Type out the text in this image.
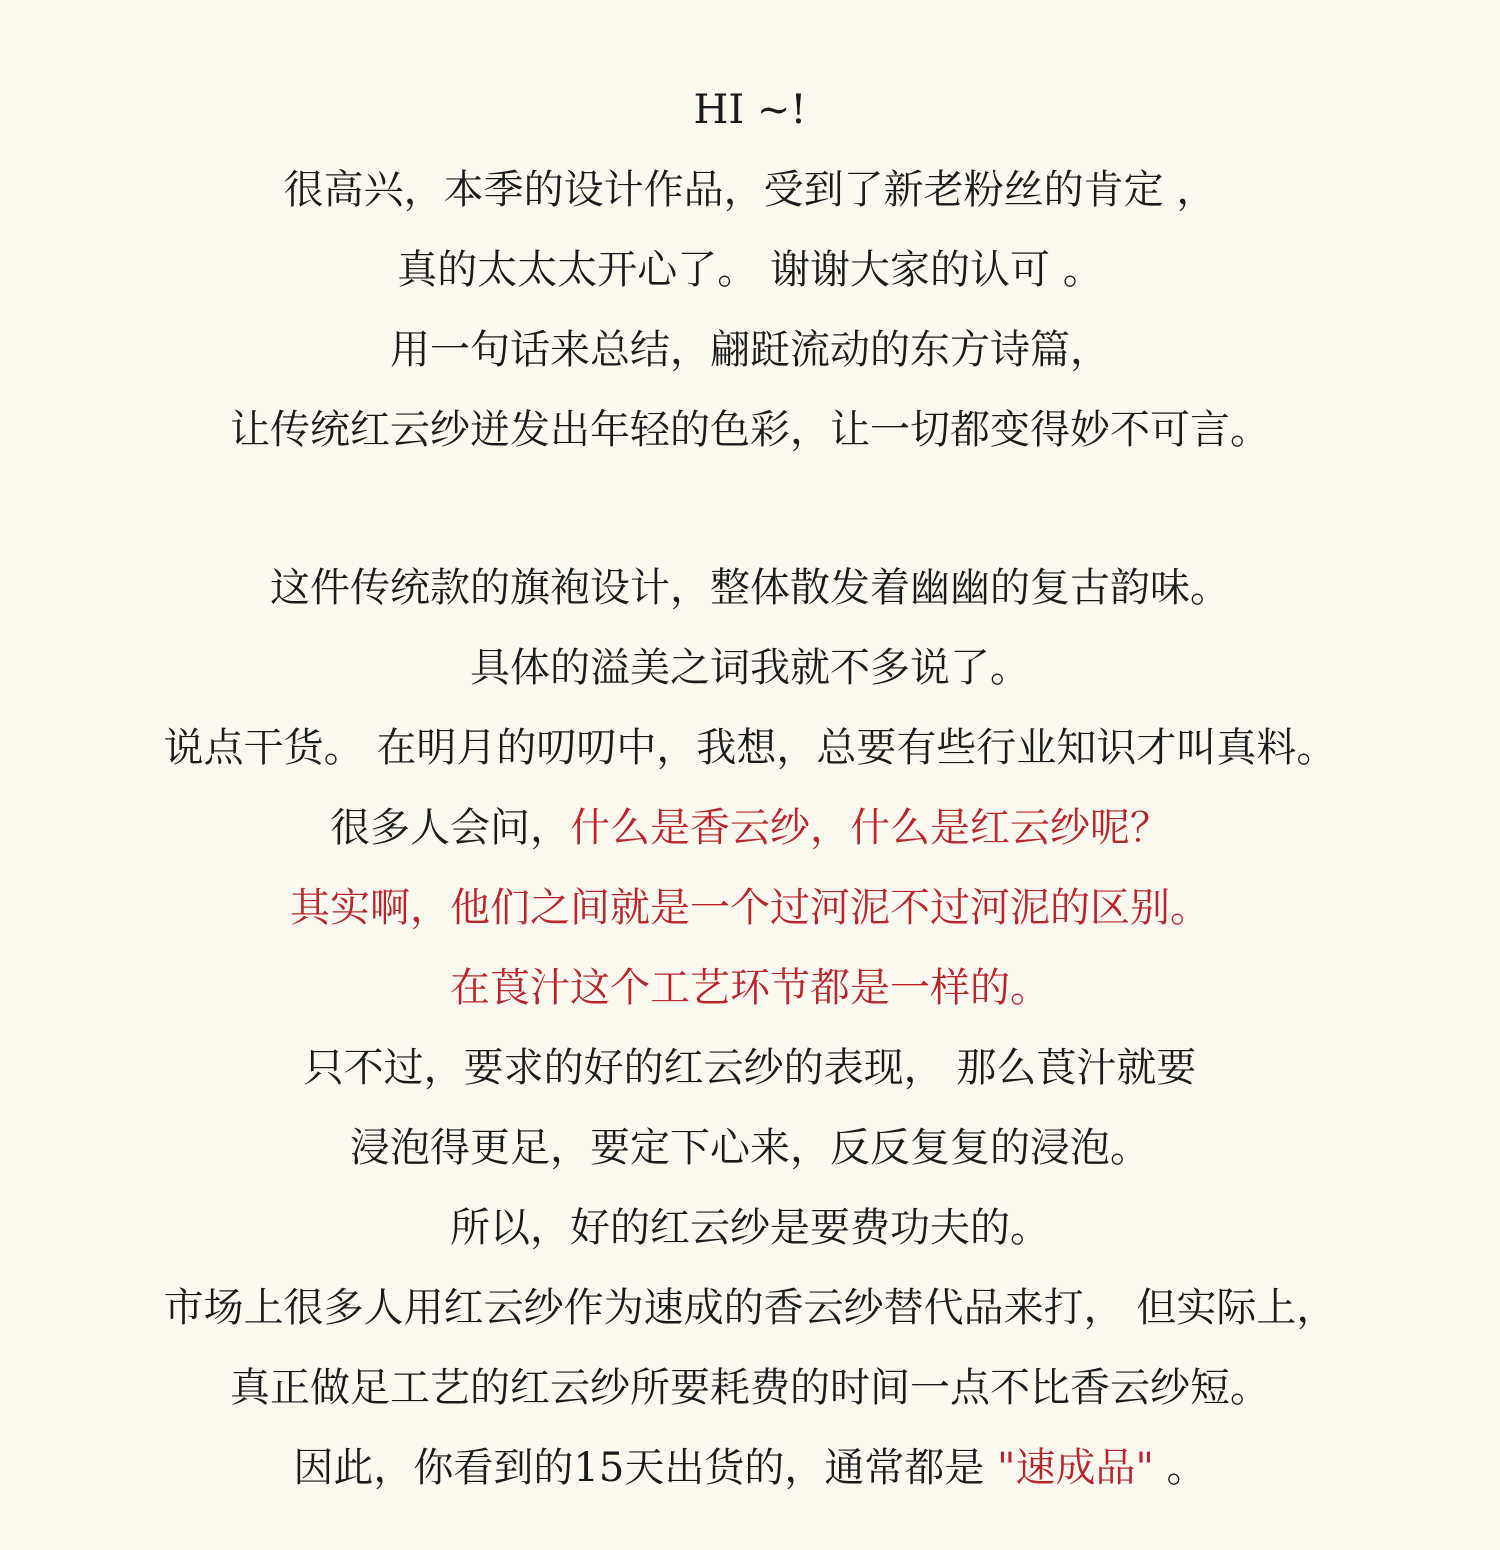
HI ~!
很高兴，本季的设计作品，受到了新老粉丝的肯定 ，
真的太太太开心了。 谢谢大家的认可 。
用一句话来总结，翩跹流动的东方诗篇，
让传统红云纱迸发出年轻的色彩，让一切都变得妙不可言。
这件传统款的旗袍设计，整体散发着幽幽的复古韵味。
具体的溢美之词我就不多说了。
说点干货。 在明月的叨叨中，我想，总要有些行业知识才叫真料。
很多人会问，什么是香云纱，什么是红云纱呢？
其实啊，他们之间就是一个过河泥不过河泥的区别。
在莨汁这个工艺环节都是一样的。
只不过，要求的好的红云纱的表现， 那么莨汁就要
浸泡得更足，要定下心来，反反复复的浸泡。
所以，好的红云纱是要费功夫的。
市场上很多人用红云纱作为速成的香云纱替代品来打， 但实际上，
真正做足工艺的红云纱所要耗费的时间一点不比香云纱短。
因此，你看到的15天出货的，通常都是 "速成品" 。
